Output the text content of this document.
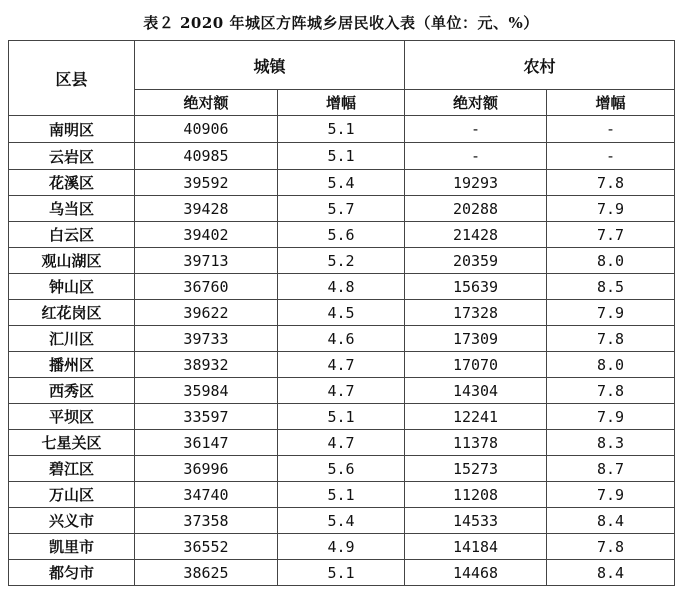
表２ 2020 年城区方阵城乡居民收入表（单位：元、%）
区县	城镇		农村	
	绝对额	增幅	绝对额	增幅
南明区	40906	5.1	-	-
云岩区	40985	5.1	-	-
花溪区	39592	5.4	19293	7.8
乌当区	39428	5.7	20288	7.9
白云区	39402	5.6	21428	7.7
观山湖区	39713	5.2	20359	8.0
钟山区	36760	4.8	15639	8.5
红花岗区	39622	4.5	17328	7.9
汇川区	39733	4.6	17309	7.8
播州区	38932	4.7	17070	8.0
西秀区	35984	4.7	14304	7.8
平坝区	33597	5.1	12241	7.9
七星关区	36147	4.7	11378	8.3
碧江区	36996	5.6	15273	8.7
万山区	34740	5.1	11208	7.9
兴义市	37358	5.4	14533	8.4
凯里市	36552	4.9	14184	7.8
都匀市	38625	5.1	14468	8.4
